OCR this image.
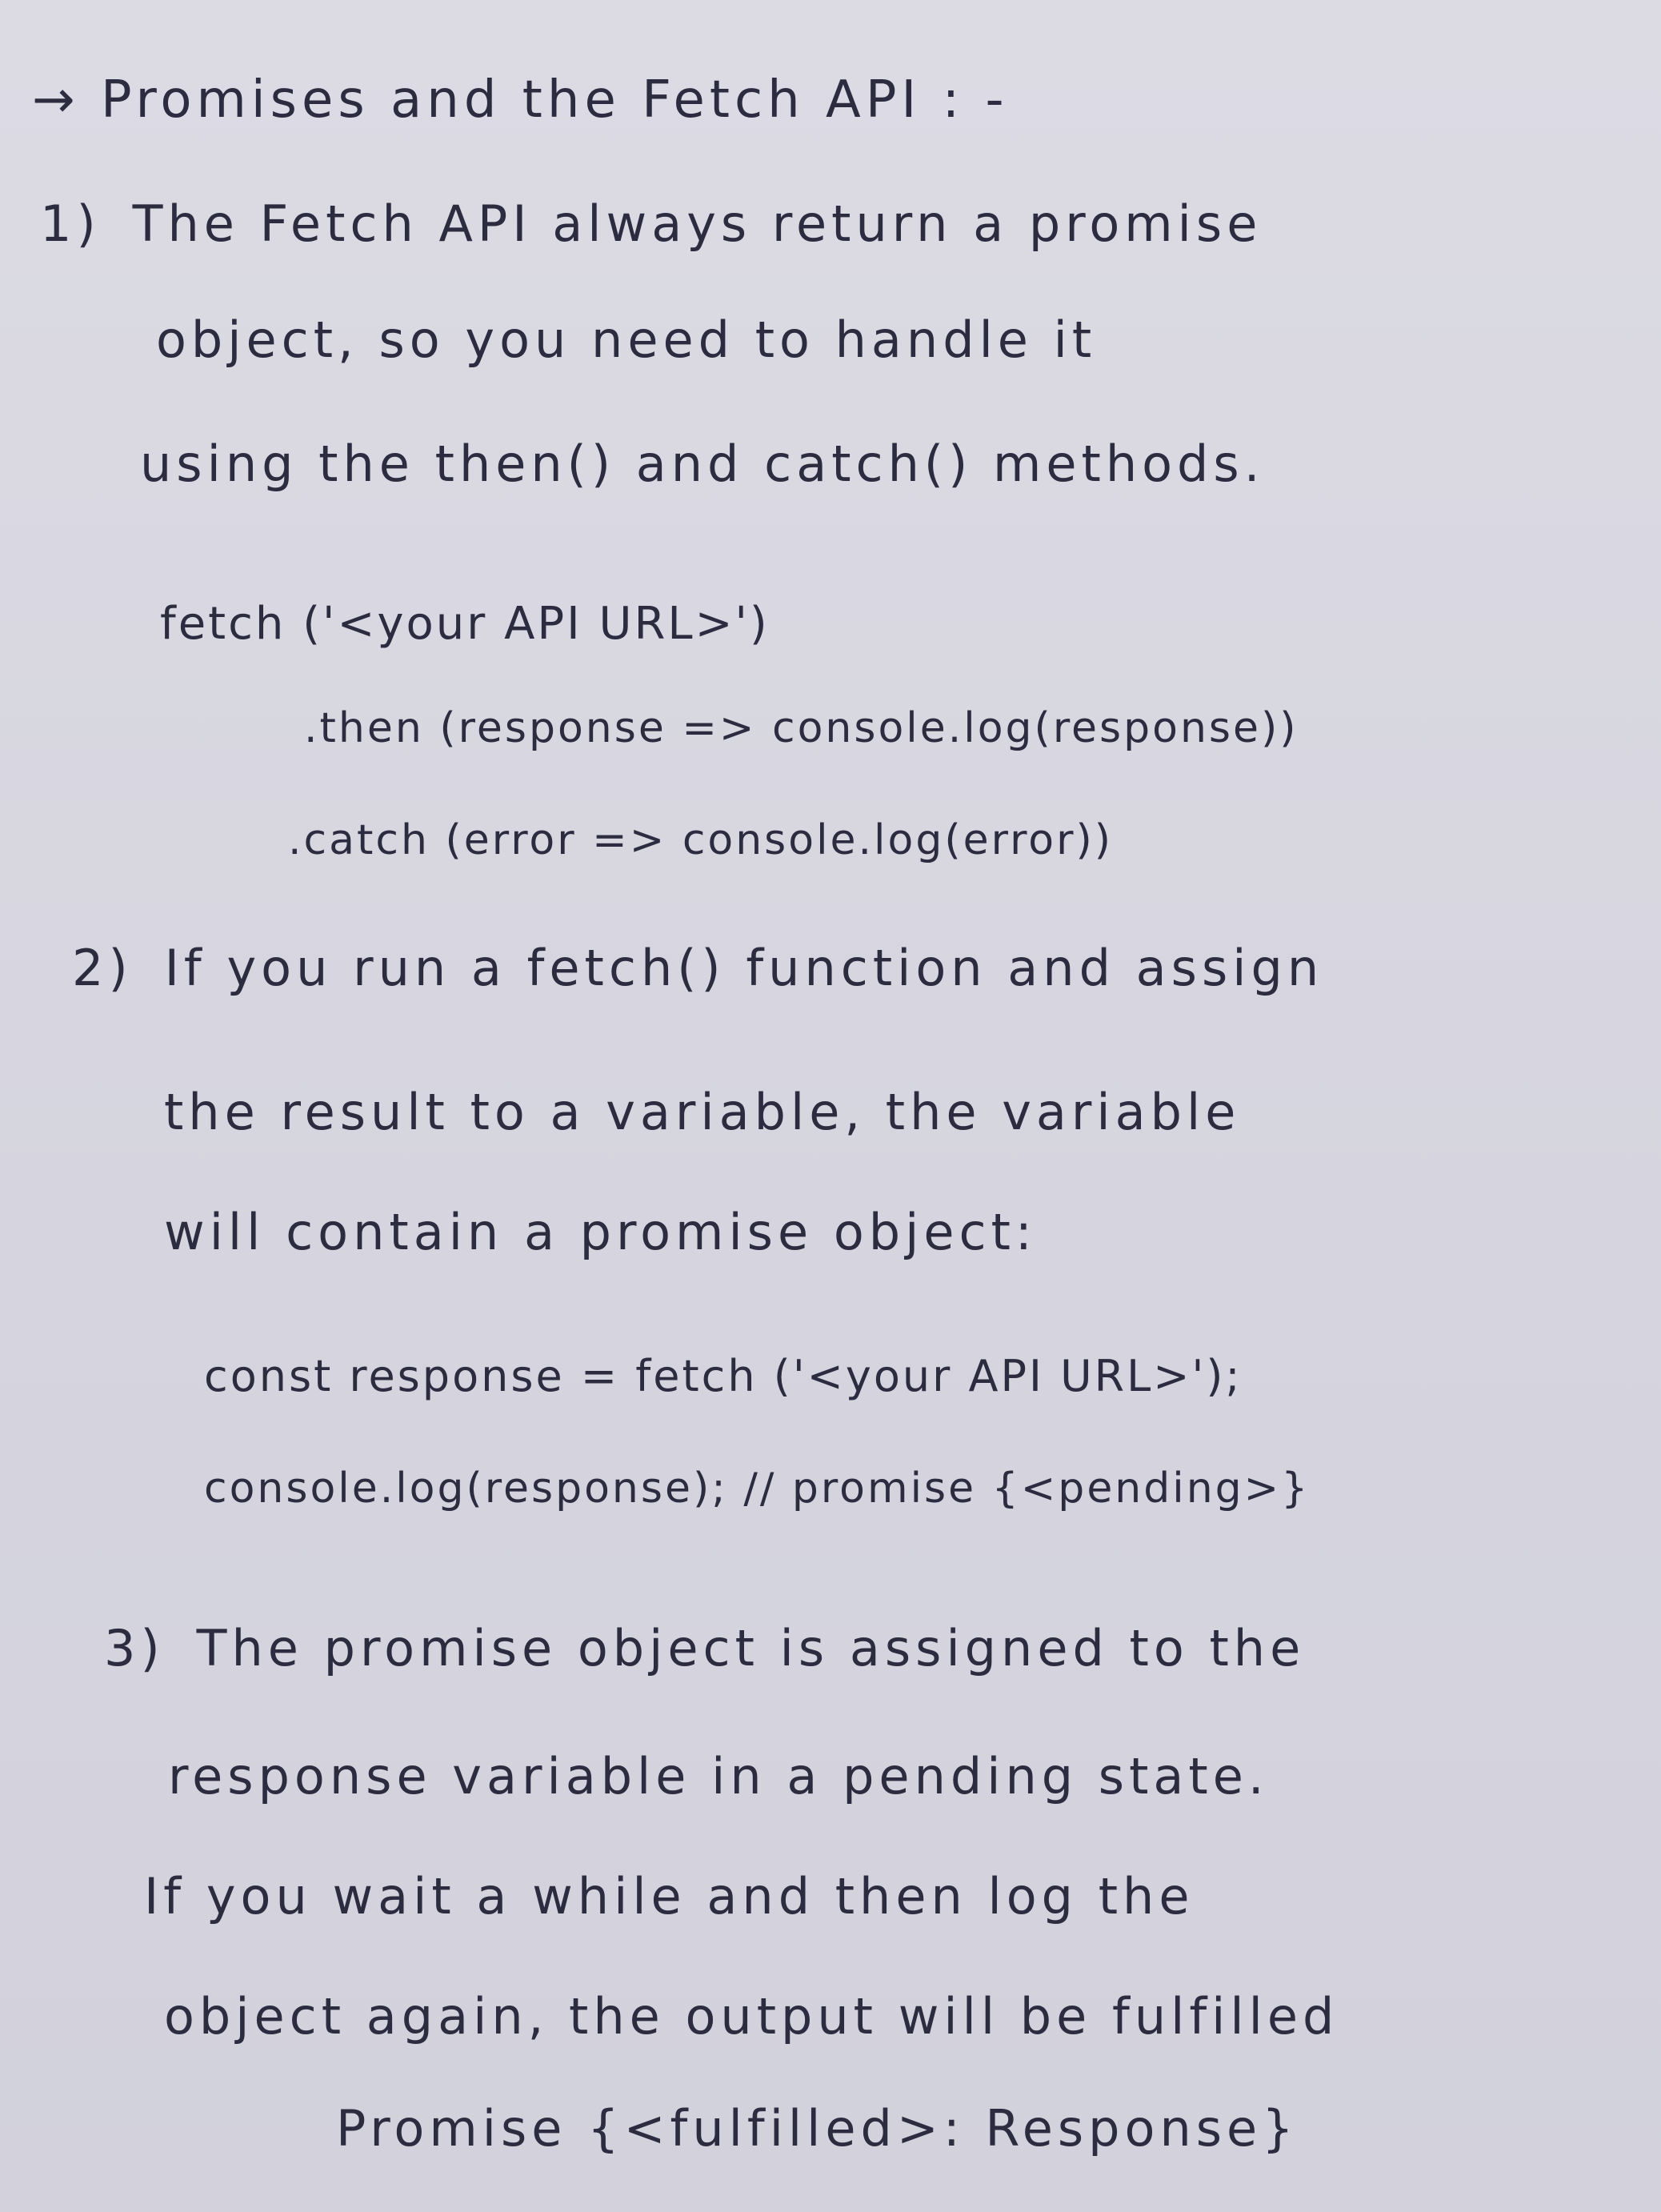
→ Promises and the Fetch API : -
1) The Fetch API always return a promise
object, so you need to handle it
using the then() and catch() methods.
fetch ('<your API URL>')
.then (response => console.log(response))
.catch (error => console.log(error))
2) If you run a fetch() function and assign
the result to a variable, the variable
will contain a promise object:
const response = fetch ('<your API URL>');
console.log(response); // promise {<pending>}
3) The promise object is assigned to the
response variable in a pending state.
If you wait a while and then log the
object again, the output will be fulfilled
Promise {<fulfilled>: Response}
